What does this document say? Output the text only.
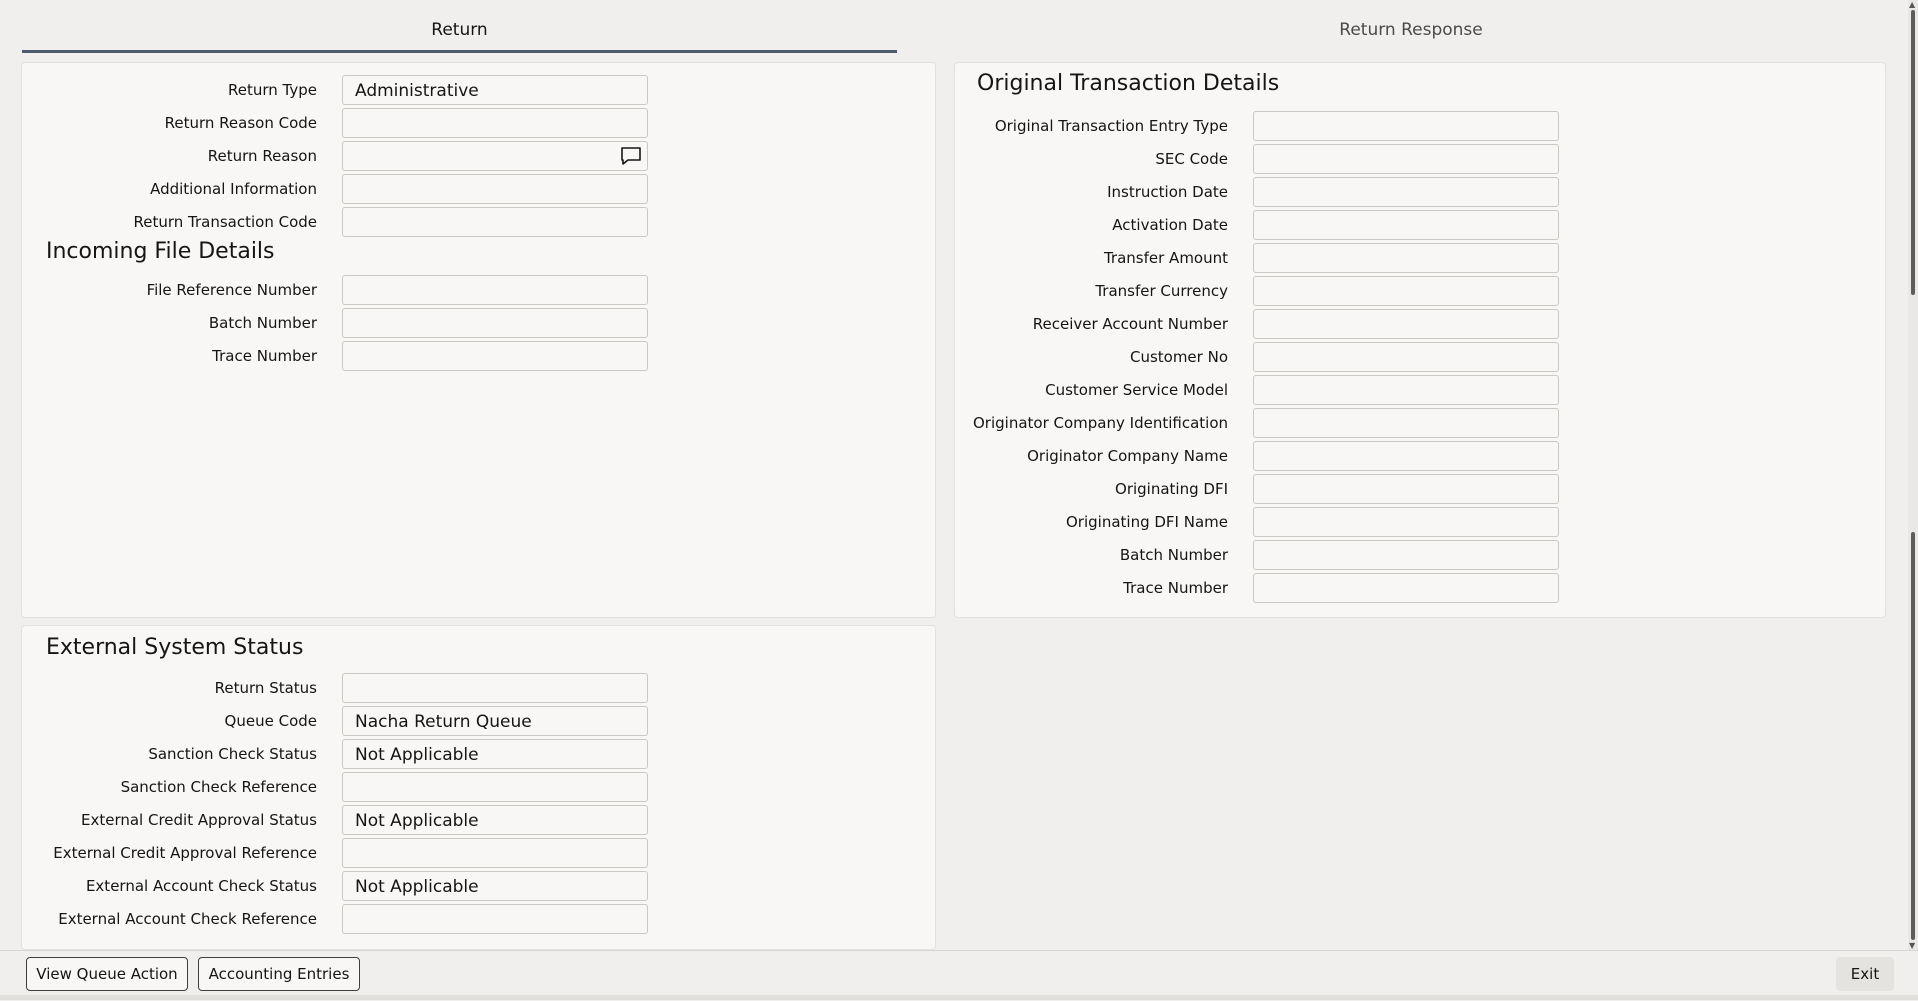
Return	Return Response
Return Type	Administrative
Return Reason Code
Return Reason
Additional Information
Return Transaction Code
Incoming File Details
File Reference Number
Batch Number
Trace Number
Original Transaction Details
Original Transaction Entry Type
SEC Code
Instruction Date
Activation Date
Transfer Amount
Transfer Currency
Receiver Account Number
Customer No
Customer Service Model
Originator Company Identification
Originator Company Name
Originating DFI
Originating DFI Name
Batch Number
Trace Number
External System Status
Return Status
Queue Code	Nacha Return Queue
Sanction Check Status	Not Applicable
Sanction Check Reference
External Credit Approval Status	Not Applicable
External Credit Approval Reference
External Account Check Status	Not Applicable
External Account Check Reference
▲
▼
View Queue Action	Accounting Entries	Exit
